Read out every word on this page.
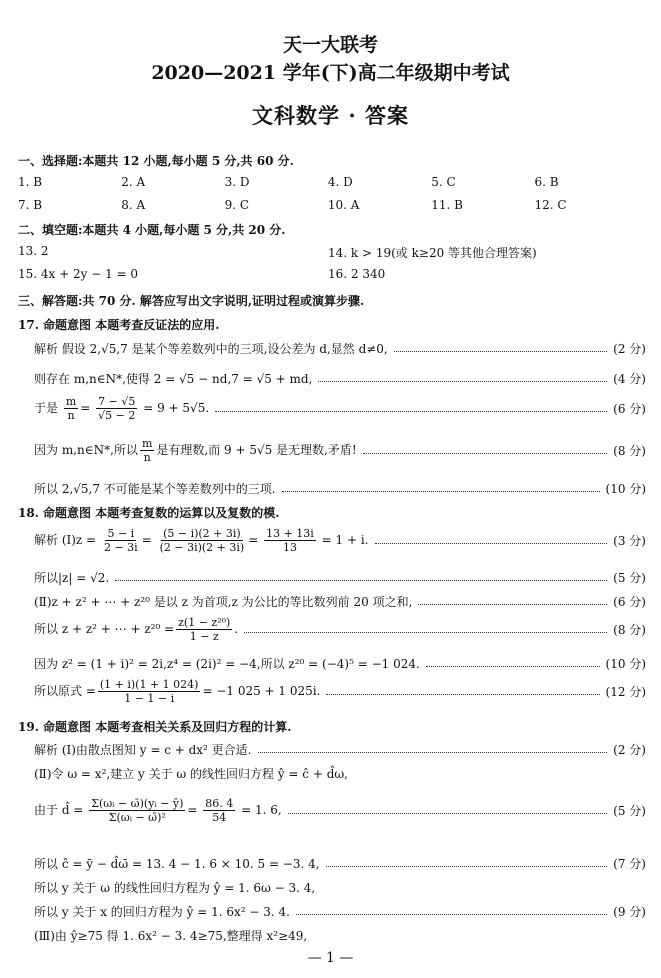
天一大联考
2020—2021 学年(下)高二年级期中考试
文科数学 · 答案
一、选择题:本题共 12 小题,每小题 5 分,共 60 分.
1. B	2. A	3. D	4. D	5. C	6. B
7. B	8. A	9. C	10. A	11. B	12. C
二、填空题:本题共 4 小题,每小题 5 分,共 20 分.
13. 2	14. k > 19(或 k≥20 等其他合理答案)
15. 4x + 2y − 1 = 0	16. 2 340
三、解答题:共 70 分. 解答应写出文字说明,证明过程或演算步骤.
17. 命题意图 本题考查反证法的应用.
解析 假设 2,√5,7 是某个等差数列中的三项,设公差为 d,显然 d≠0,	(2 分)
则存在 m,n∈N*,使得 2 = √5 − nd,7 = √5 + md,	(4 分)
于是 $\frac{m}{n} = \frac{7 - √5}{√5 - 2} = 9 + 5√5$.	(6 分)
因为 m,n∈N*,所以 $\frac{m}{n}$ 是有理数,而 9 + 5√5 是无理数,矛盾!	(8 分)
所以 2,√5,7 不可能是某个等差数列中的三项.	(10 分)
18. 命题意图 本题考查复数的运算以及复数的模.
解析 (Ⅰ)z = $\frac{5 - i}{2 - 3i} = \frac{(5 - i)(2 + 3i)}{(2 - 3i)(2 + 3i)} = \frac{13 + 13i}{13} = 1 + i$.	(3 分)
所以|z| = √2.	(5 分)
(Ⅱ)z + z² + ⋯ + z²⁰ 是以 z 为首项,z 为公比的等比数列前 20 项之和,	(6 分)
所以 z + z² + ⋯ + $z^{20} = \frac{\text{z(1 − z²⁰)}}{1 - z}$ .	(8 分)
因为 z² = (1 + i)² = 2i,z⁴ = (2i)² = −4,所以 z²⁰ = (−4)⁵ = −1 024.	(10 分)
所以原式 = $\frac{(1 + i)(1 + 1 024)}{1 - 1 - i} = -1$ 025 + 1 025i.	(12 分)
19. 命题意图 本题考查相关关系及回归方程的计算.
解析 (Ⅰ)由散点图知 y = c + dx² 更合适.	(2 分)
(Ⅱ)令 ω = x²,建立 y 关于 ω 的线性回归方程 ŷ = ĉ + d̂ω,
由于 d̂ = $\frac{\text{Σ(ωᵢ − ω̄)(yᵢ − ȳ)}}{\text{Σ(ωᵢ − ω̄)²}} = \frac{86. 4}{54} = 1$. 6,	(5 分)
所以 ĉ = ȳ − d̂ω̄ = 13. 4 − 1. 6 × 10. 5 = −3. 4,	(7 分)
所以 y 关于 ω 的线性回归方程为 ŷ = 1. 6ω − 3. 4,
所以 y 关于 x 的回归方程为 ŷ = 1. 6x² − 3. 4.	(9 分)
(Ⅲ)由 ŷ≥75 得 1. 6x² − 3. 4≥75,整理得 x²≥49,
— 1 —
